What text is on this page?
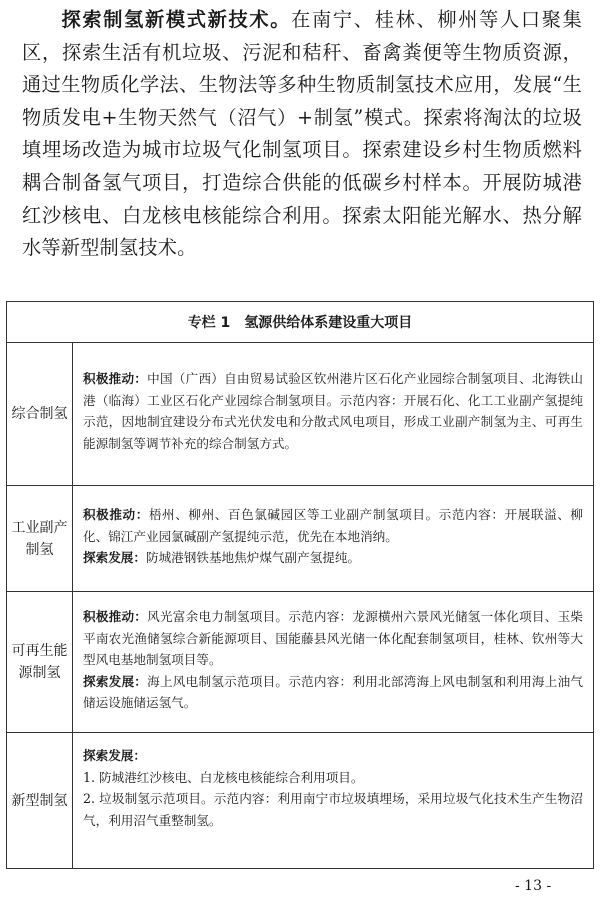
探索制氢新模式新技术。在南宁、桂林、柳州等人口聚集区，探索生活有机垃圾、污泥和秸秆、畜禽粪便等生物质资源，通过生物质化学法、生物法等多种生物质制氢技术应用，发展“生物质发电+生物天然气（沼气）+制氢”模式。探索将淘汰的垃圾填埋场改造为城市垃圾气化制氢项目。探索建设乡村生物质燃料耦合制备氢气项目，打造综合供能的低碳乡村样本。开展防城港红沙核电、白龙核电核能综合利用。探索太阳能光解水、热分解水等新型制氢技术。
专栏 1 氢源供给体系建设重大项目
综合制氢

积极推动：中国（广西）自由贸易试验区钦州港片区石化产业园综合制氢项目、北海铁山港（临海）工业区石化产业园综合制氢项目。示范内容：开展石化、化工工业副产氢提纯示范，因地制宜建设分布式光伏发电和分散式风电项目，形成工业副产制氢为主、可再生能源制氢等调节补充的综合制氢方式。

工业副产制氢

积极推动：梧州、柳州、百色氯碱园区等工业副产制氢项目。示范内容：开展联溢、柳化、锦江产业园氯碱副产氢提纯示范，优先在本地消纳。

探索发展：防城港钢铁基地焦炉煤气副产氢提纯。

可再生能源制氢

积极推动：风光富余电力制氢项目。示范内容：龙源横州六景风光储氢一体化项目、玉柴平南农光渔储氢综合新能源项目、国能藤县风光储一体化配套制氢项目，桂林、钦州等大型风电基地制氢项目等。

探索发展：海上风电制氢示范项目。示范内容：利用北部湾海上风电制氢和利用海上油气储运设施储运氢气。

新型制氢

探索发展：

1. 防城港红沙核电、白龙核电核能综合利用项目。

2. 垃圾制氢示范项目。示范内容：利用南宁市垃圾填埋场，采用垃圾气化技术生产生物沼气，利用沼气重整制氢。

- 13 -
